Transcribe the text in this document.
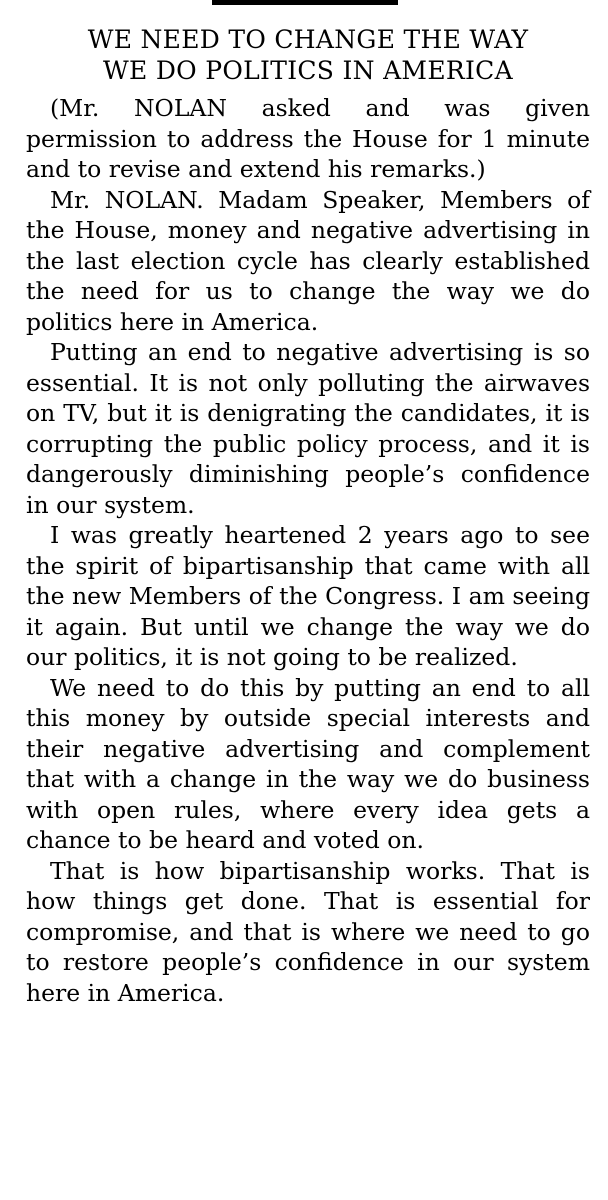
WE NEED TO CHANGE THE WAY
WE DO POLITICS IN AMERICA

(Mr. NOLAN asked and was given permission to address the House for 1 minute and to revise and extend his remarks.)

Mr. NOLAN. Madam Speaker, Members of the House, money and negative advertising in the last election cycle has clearly established the need for us to change the way we do politics here in America.

Putting an end to negative advertising is so essential. It is not only polluting the airwaves on TV, but it is denigrating the candidates, it is corrupting the public policy process, and it is dangerously diminishing people’s confidence in our system.

I was greatly heartened 2 years ago to see the spirit of bipartisanship that came with all the new Members of the Congress. I am seeing it again. But until we change the way we do our politics, it is not going to be realized.

We need to do this by putting an end to all this money by outside special interests and their negative advertising and complement that with a change in the way we do business with open rules, where every idea gets a chance to be heard and voted on.

That is how bipartisanship works. That is how things get done. That is essential for compromise, and that is where we need to go to restore people’s confidence in our system here in America.
